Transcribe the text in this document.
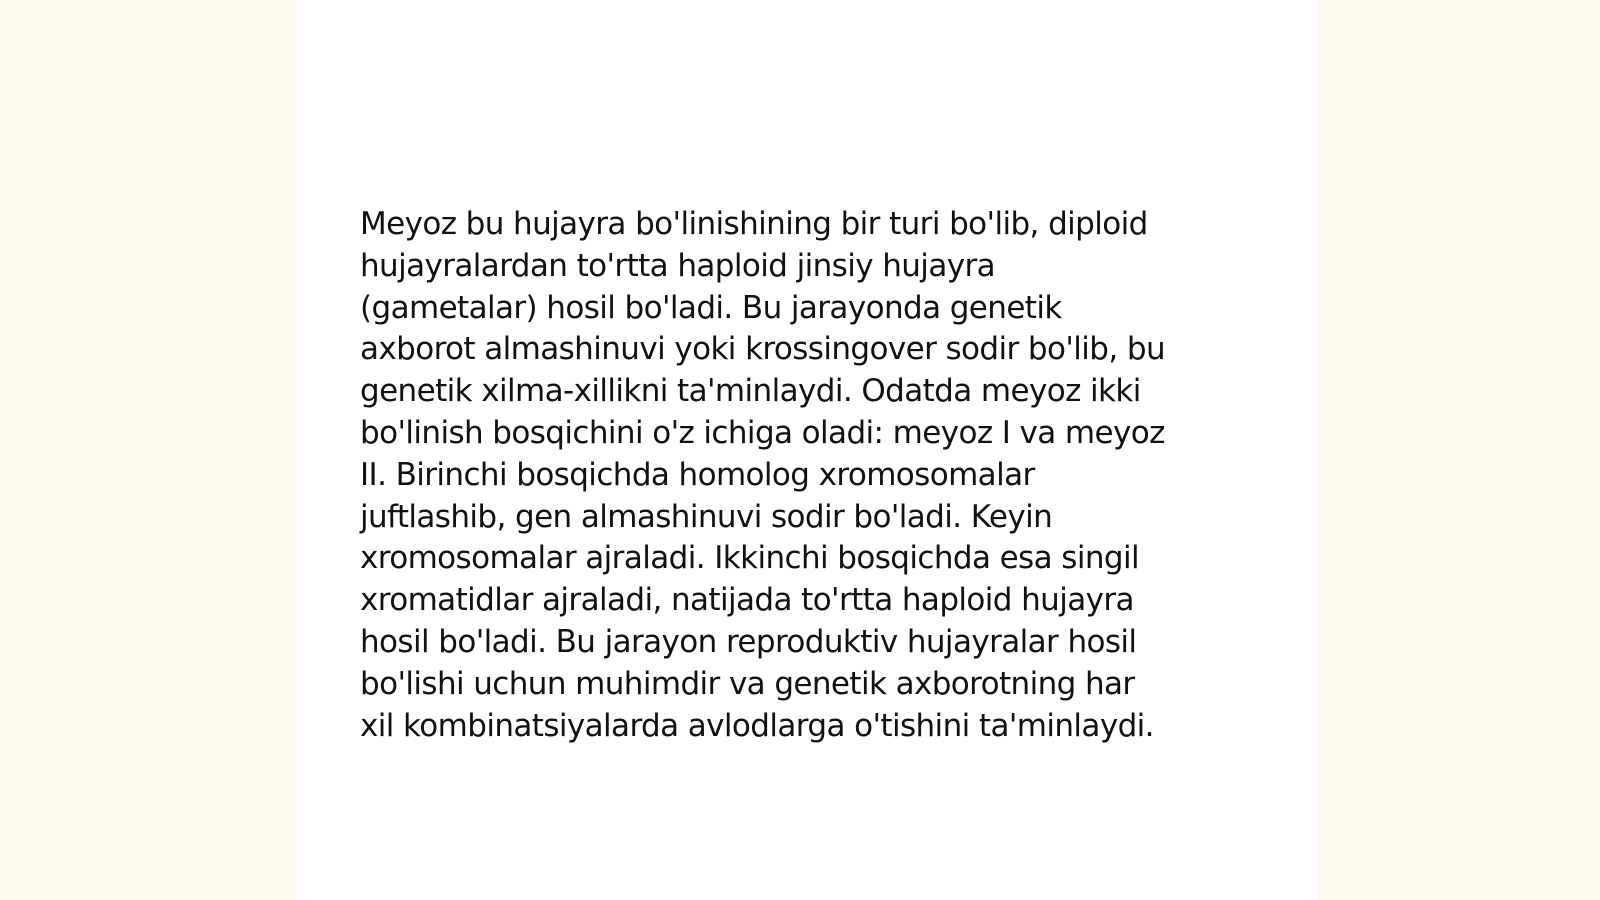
Meyoz bu hujayra bo'linishining bir turi bo'lib, diploid
hujayralardan to'rtta haploid jinsiy hujayra
(gametalar) hosil bo'ladi. Bu jarayonda genetik
axborot almashinuvi yoki krossingover sodir bo'lib, bu
genetik xilma-xillikni ta'minlaydi. Odatda meyoz ikki
bo'linish bosqichini o'z ichiga oladi: meyoz I va meyoz
II. Birinchi bosqichda homolog xromosomalar
juftlashib, gen almashinuvi sodir bo'ladi. Keyin
xromosomalar ajraladi. Ikkinchi bosqichda esa singil
xromatidlar ajraladi, natijada to'rtta haploid hujayra
hosil bo'ladi. Bu jarayon reproduktiv hujayralar hosil
bo'lishi uchun muhimdir va genetik axborotning har
xil kombinatsiyalarda avlodlarga o'tishini ta'minlaydi.
